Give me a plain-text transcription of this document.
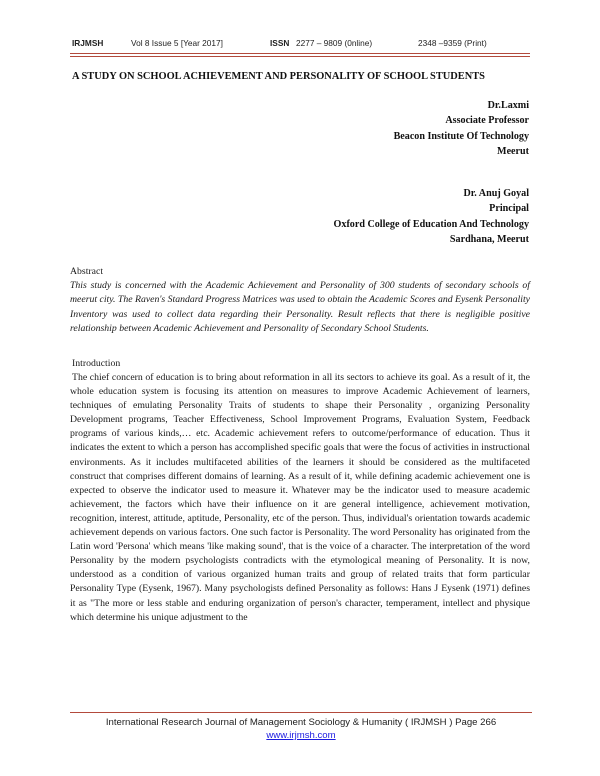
IRJMSH	Vol 8 Issue 5 [Year 2017]	ISSN 2277 – 9809 (0nline)	2348 –9359 (Print)
A STUDY ON SCHOOL ACHIEVEMENT AND PERSONALITY OF SCHOOL STUDENTS
Dr.Laxmi
Associate Professor
Beacon Institute Of Technology
Meerut
Dr. Anuj Goyal
Principal
Oxford College of Education And Technology
Sardhana, Meerut
Abstract
This study is concerned with the Academic Achievement and Personality of 300 students of secondary schools of meerut city. The Raven's Standard Progress Matrices was used to obtain the Academic Scores and Eysenk Personality Inventory was used to collect data regarding their Personality. Result reflects that there is negligible positive relationship between Academic Achievement and Personality of Secondary School Students.
Introduction
The chief concern of education is to bring about reformation in all its sectors to achieve its goal. As a result of it, the whole education system is focusing its attention on measures to improve Academic Achievement of learners, techniques of emulating Personality Traits of students to shape their Personality , organizing Personality Development programs, Teacher Effectiveness, School Improvement Programs, Evaluation System, Feedback programs of various kinds,… etc. Academic achievement refers to outcome/performance of education. Thus it indicates the extent to which a person has accomplished specific goals that were the focus of activities in instructional environments. As it includes multifaceted abilities of the learners it should be considered as the multifaceted construct that comprises different domains of learning. As a result of it, while defining academic achievement one is expected to observe the indicator used to measure it. Whatever may be the indicator used to measure academic achievement, the factors which have their influence on it are general intelligence, achievement motivation, recognition, interest, attitude, aptitude, Personality, etc of the person. Thus, individual's orientation towards academic achievement depends on various factors. One such factor is Personality. The word Personality has originated from the Latin word 'Persona' which means 'like making sound', that is the voice of a character. The interpretation of the word Personality by the modern psychologists contradicts with the etymological meaning of Personality. It is now, understood as a condition of various organized human traits and group of related traits that form particular Personality Type (Eysenk, 1967). Many psychologists defined Personality as follows: Hans J Eysenk (1971) defines it as "The more or less stable and enduring organization of person's character, temperament, intellect and physique which determine his unique adjustment to the
International Research Journal of Management Sociology & Humanity ( IRJMSH ) Page 266
www.irjmsh.com
